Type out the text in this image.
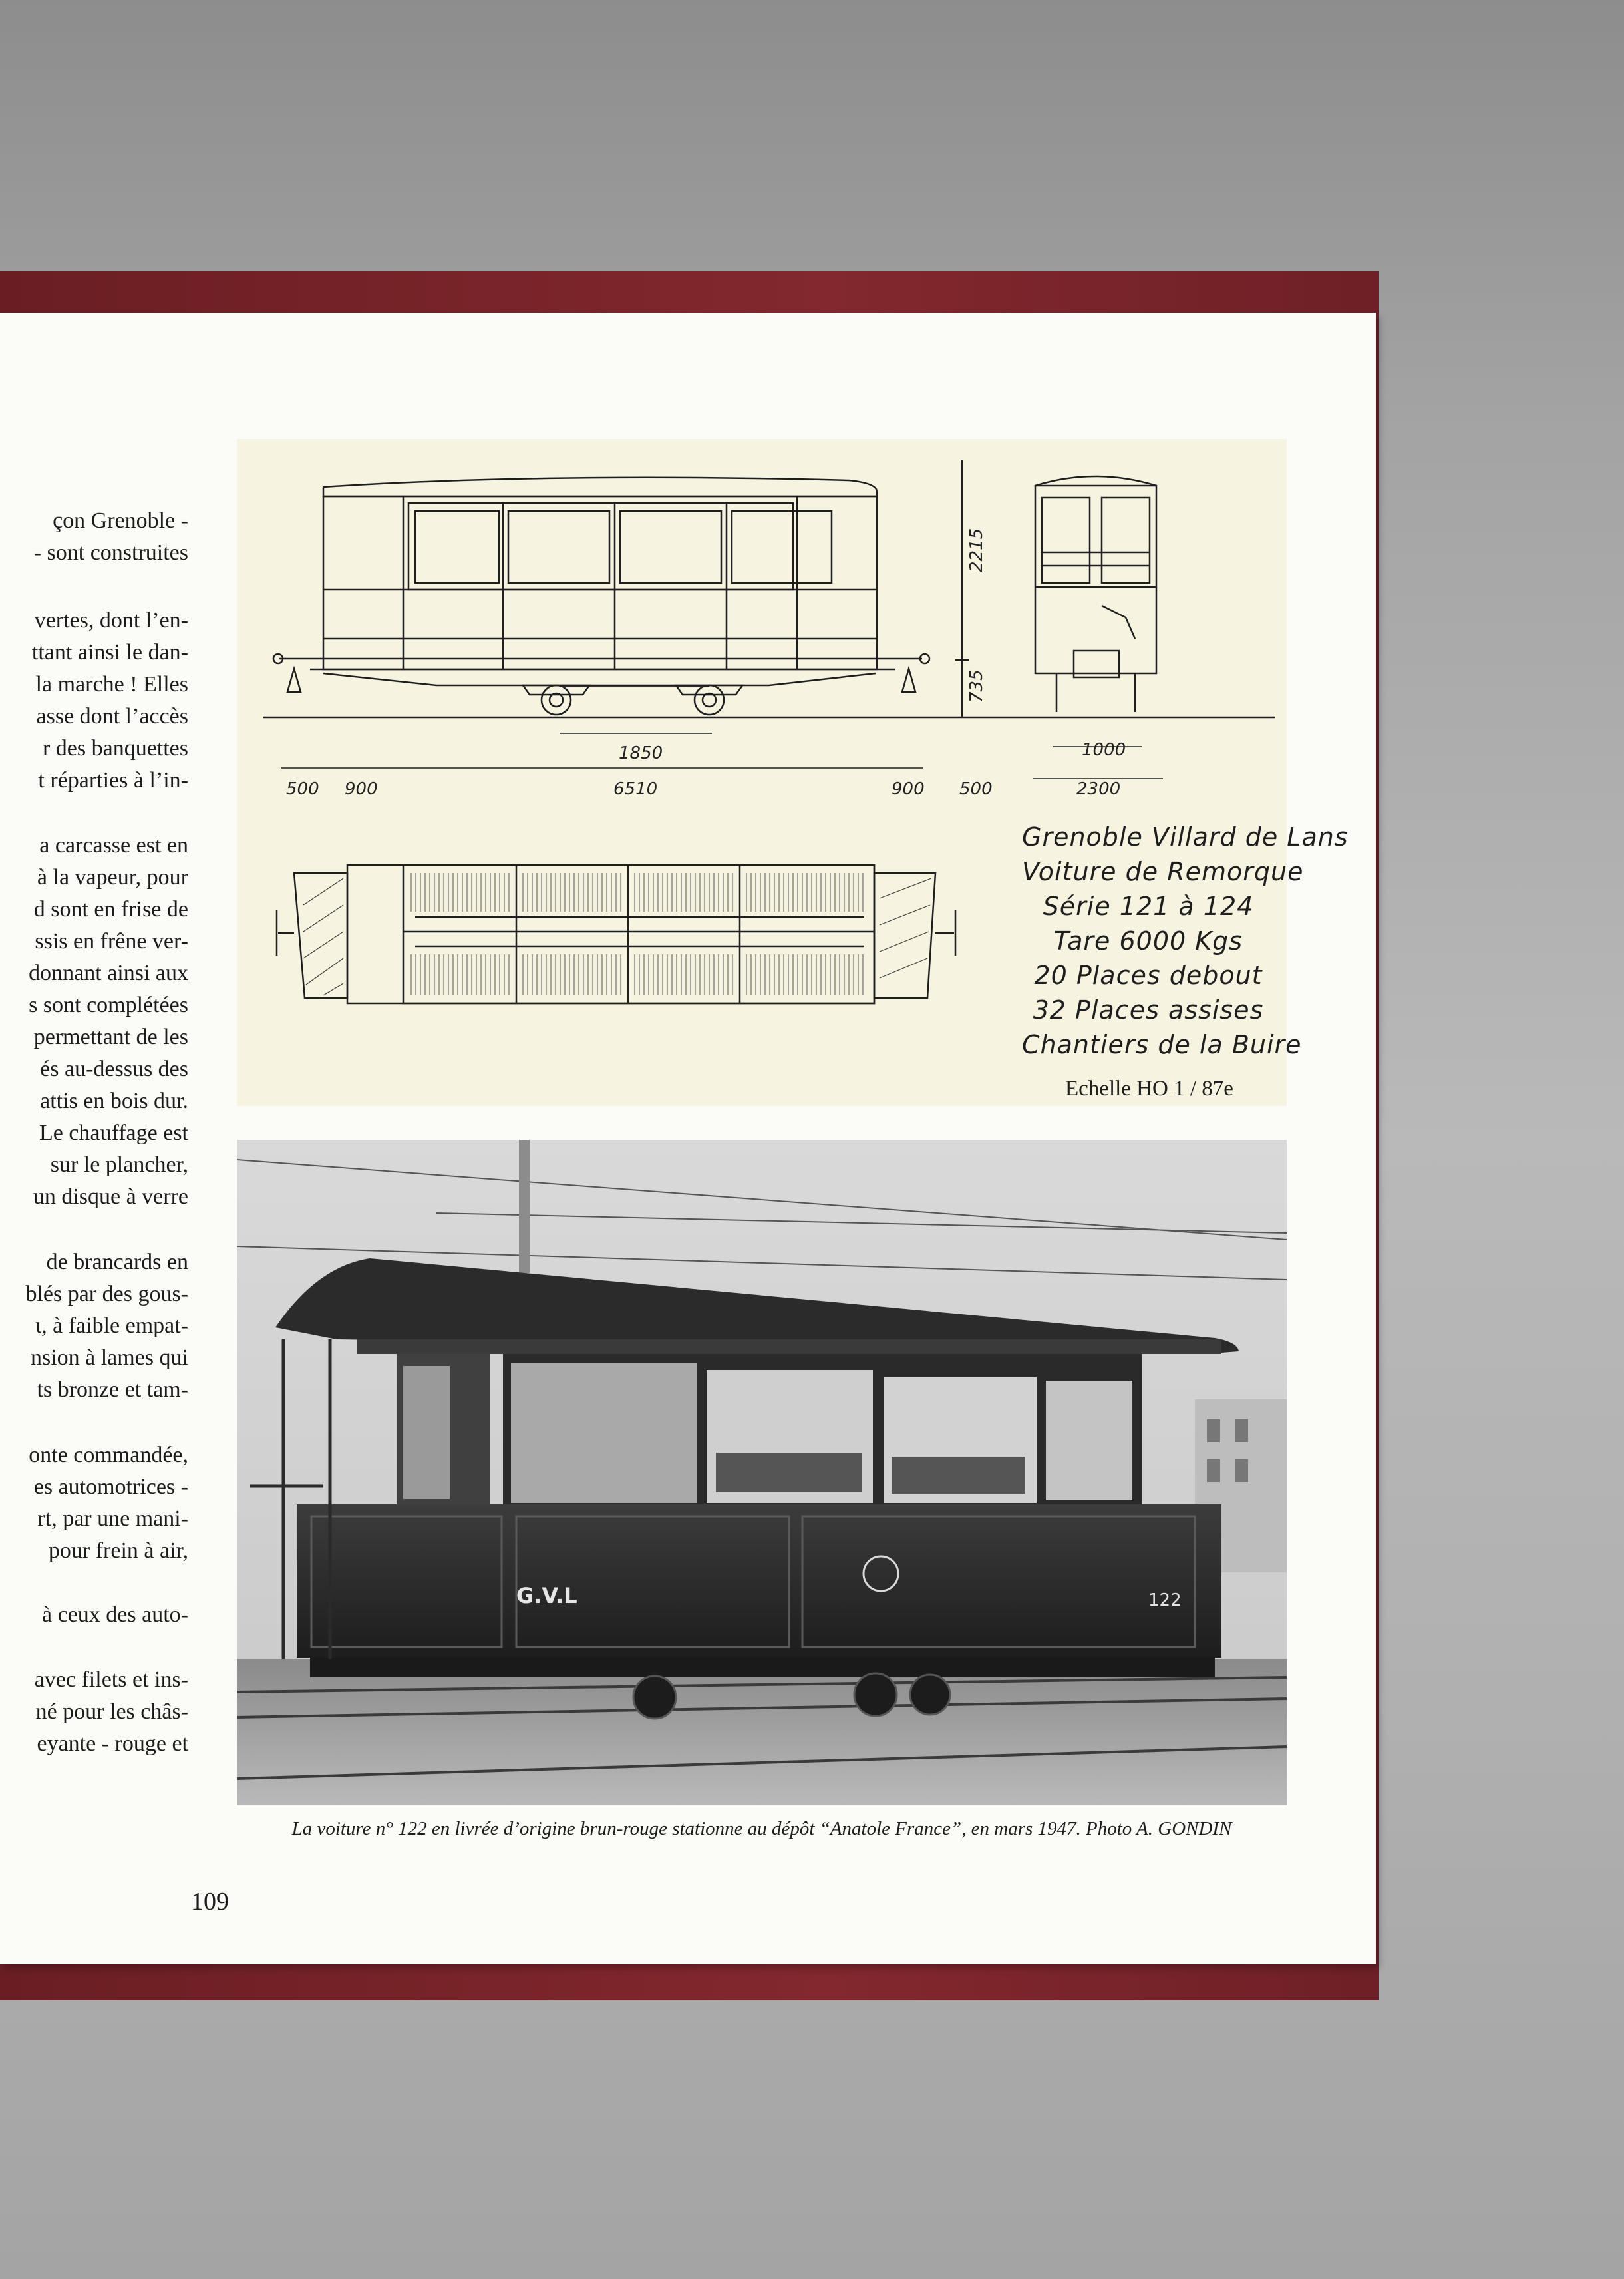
çon Grenoble -

- sont construites

vertes, dont l’en-

ttant ainsi le dan-

la marche ! Elles

asse dont l’accès

r des banquettes

t réparties à l’in-

a carcasse est en

à la vapeur, pour

d sont en frise de

ssis en frêne ver-

donnant ainsi aux

s sont complétées

permettant de les

és au-dessus des

attis en bois dur.

Le chauffage est

sur le plancher,

un disque à verre

de brancards en

blés par des gous-

ɩ, à faible empat-

nsion à lames qui

ts bronze et tam-

onte commandée,

es automotrices -

rt, par une mani-

pour frein à air,

à ceux des auto-

avec filets et ins-

né pour les châs-

eyante - rouge et

1850
2215
735
1000
500 900	6510	900 500	2300
Grenoble Villard de Lans
Voiture de Remorque
Série 121 à 124
Tare 6000 Kgs
20 Places debout
32 Places assises
Chantiers de la Buire
Echelle HO 1 / 87e
G.V.L	122
La voiture n° 122 en livrée d’origine brun-rouge stationne au dépôt “Anatole France”, en mars 1947. Photo A. GONDIN
109
